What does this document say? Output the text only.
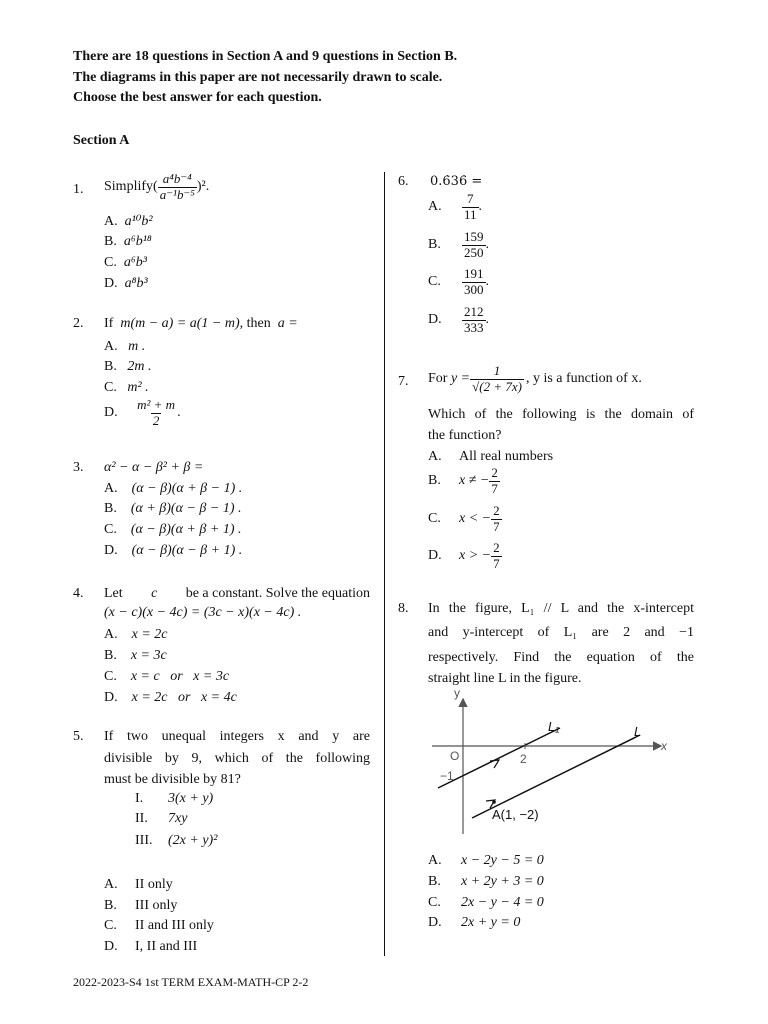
There are 18 questions in Section A and 9 questions in Section B.
The diagrams in this paper are not necessarily drawn to scale.
Choose the best answer for each question.
Section A
1. Simplify ( $\frac{\text{a⁴b⁻⁴}}{\text{a⁻¹b⁻⁵}} )^2$.
A. a¹⁰b²
B. a⁶b¹⁸
C. a⁶b³
D. a⁸b³
2. If m(m − a) = a(1 − m), then a =
A. m .
B. 2m .
C. m² .
D.
$\frac{\text{m² + m}}{2}$ .
3. α² − α − β² + β =
A. (α − β)(α + β − 1) .
B. (α + β)(α − β − 1) .
C. (α − β)(α + β + 1) .
D. (α − β)(α − β + 1) .
4. Let c be a constant. Solve the equation
(x − c)(x − 4c) = (3c − x)(x − 4c) .
A. x = 2c
B. x = 3c
C. x = c   or   x = 3c
D. x = 2c   or   x = 4c
5. If two unequal integers x and y are
divisible by 9, which of the following
must be divisible by 81?
I. 3(x + y)
II. 7xy
III. (2x + y)²
A. II only
B. III only
C. II and III only
D. I, II and III
6. 0.6̇36̇ =
A.	$\frac{7}{11}$ .
B.	$\frac{159}{250}$ .
C.	$\frac{191}{300}$ .
D.	$\frac{212}{333}$ .
7. For
$y = \frac{1}{√(2 + 7x)}$ , y is a function of x.
Which of the following is the domain of
the function?
A. All real numbers
B.	x ≠ − $\frac{2}{7}$
C.	x < − $\frac{2}{7}$
D.	x > − $\frac{2}{7}$
8. In the figure, L₁ // L and the x-intercept
and y-intercept of L₁ are 2 and −1
respectively. Find the equation of the
straight line L in the figure.
y
x
O	2
−1
L₁	L
A(1, −2)
A. x − 2y − 5 = 0
B. x + 2y + 3 = 0
C. 2x − y − 4 = 0
D. 2x + y = 0
2022-2023-S4 1st TERM EXAM-MATH-CP 2-2
